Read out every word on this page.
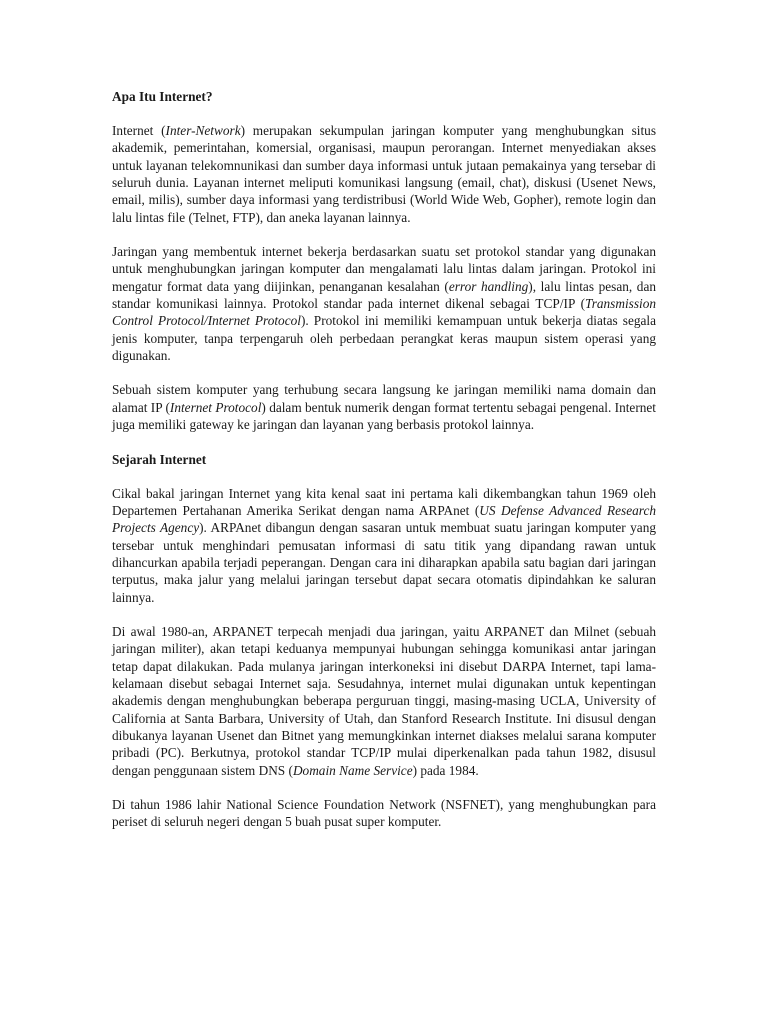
Apa Itu Internet?
Internet (Inter-Network) merupakan sekumpulan jaringan komputer yang menghubungkan situs akademik, pemerintahan, komersial, organisasi, maupun perorangan. Internet menyediakan akses untuk layanan telekomnunikasi dan sumber daya informasi untuk jutaan pemakainya yang tersebar di seluruh dunia. Layanan internet meliputi komunikasi langsung (email, chat), diskusi (Usenet News, email, milis), sumber daya informasi yang terdistribusi (World Wide Web, Gopher), remote login dan lalu lintas file (Telnet, FTP), dan aneka layanan lainnya.
Jaringan yang membentuk internet bekerja berdasarkan suatu set protokol standar yang digunakan untuk menghubungkan jaringan komputer dan mengalamati lalu lintas dalam jaringan. Protokol ini mengatur format data yang diijinkan, penanganan kesalahan (error handling), lalu lintas pesan, dan standar komunikasi lainnya. Protokol standar pada internet dikenal sebagai TCP/IP (Transmission Control Protocol/Internet Protocol). Protokol ini memiliki kemampuan untuk bekerja diatas segala jenis komputer, tanpa terpengaruh oleh perbedaan perangkat keras maupun sistem operasi yang digunakan.
Sebuah sistem komputer yang terhubung secara langsung ke jaringan memiliki nama domain dan alamat IP (Internet Protocol) dalam bentuk numerik dengan format tertentu sebagai pengenal. Internet juga memiliki gateway ke jaringan dan layanan yang berbasis protokol lainnya.
Sejarah Internet
Cikal bakal jaringan Internet yang kita kenal saat ini pertama kali dikembangkan tahun 1969 oleh Departemen Pertahanan Amerika Serikat dengan nama ARPAnet (US Defense Advanced Research Projects Agency). ARPAnet dibangun dengan sasaran untuk membuat suatu jaringan komputer yang tersebar untuk menghindari pemusatan informasi di satu titik yang dipandang rawan untuk dihancurkan apabila terjadi peperangan. Dengan cara ini diharapkan apabila satu bagian dari jaringan terputus, maka jalur yang melalui jaringan tersebut dapat secara otomatis dipindahkan ke saluran lainnya.
Di awal 1980-an, ARPANET terpecah menjadi dua jaringan, yaitu ARPANET dan Milnet (sebuah jaringan militer), akan tetapi keduanya mempunyai hubungan sehingga komunikasi antar jaringan tetap dapat dilakukan. Pada mulanya jaringan interkoneksi ini disebut DARPA Internet, tapi lama-kelamaan disebut sebagai Internet saja. Sesudahnya, internet mulai digunakan untuk kepentingan akademis dengan menghubungkan beberapa perguruan tinggi, masing-masing UCLA, University of California at Santa Barbara, University of Utah, dan Stanford Research Institute. Ini disusul dengan dibukanya layanan Usenet dan Bitnet yang memungkinkan internet diakses melalui sarana komputer pribadi (PC). Berkutnya, protokol standar TCP/IP mulai diperkenalkan pada tahun 1982, disusul dengan penggunaan sistem DNS (Domain Name Service) pada 1984.
Di tahun 1986 lahir National Science Foundation Network (NSFNET), yang menghubungkan para periset di seluruh negeri dengan 5 buah pusat super komputer.
